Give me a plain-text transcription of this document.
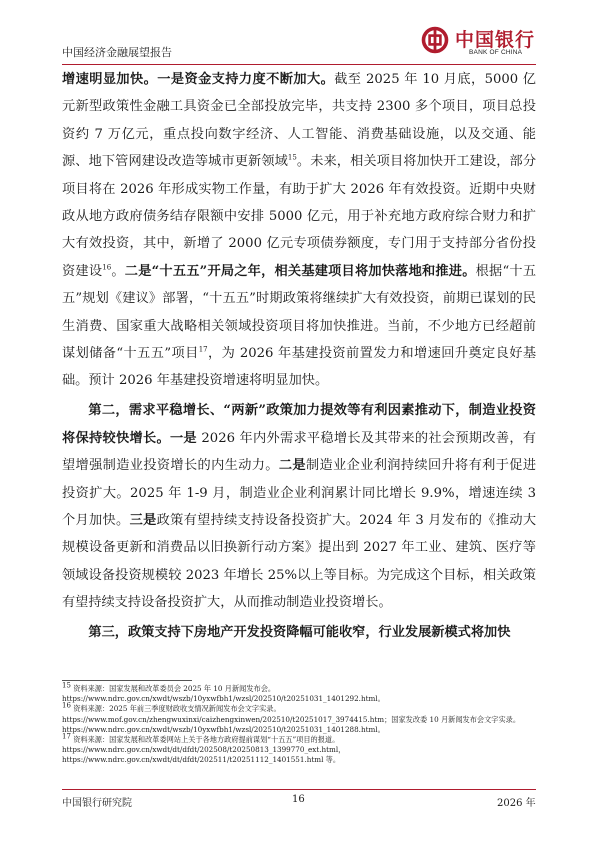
中国经济金融展望报告
中国银行
BANK OF CHINA

增速明显加快。一是资金支持力度不断加大。截至 2025 年 10 月底，5000 亿元新型政策性金融工具资金已全部投放完毕，共支持 2300 多个项目，项目总投资约 7 万亿元，重点投向数字经济、人工智能、消费基础设施，以及交通、能源、地下管网建设改造等城市更新领域$^{15}$。未来，相关项目将加快开工建设，部分项目将在 2026 年形成实物工作量，有助于扩大 2026 年有效投资。近期中央财政从地方政府债务结存限额中安排 5000 亿元，用于补充地方政府综合财力和扩大有效投资，其中，新增了 2000 亿元专项债券额度，专门用于支持部分省份投资建设$^{16}$。二是“十五五”开局之年，相关基建项目将加快落地和推进。根据“十五五”规划《建议》部署，“十五五”时期政策将继续扩大有效投资，前期已谋划的民生消费、国家重大战略相关领域投资项目将加快推进。当前，不少地方已经超前谋划储备“十五五”项目$^{17}$，为 2026 年基建投资前置发力和增速回升奠定良好基础。预计 2026 年基建投资增速将明显加快。

第二，需求平稳增长、“两新”政策加力提效等有利因素推动下，制造业投资将保持较快增长。一是 2026 年内外需求平稳增长及其带来的社会预期改善，有望增强制造业投资增长的内生动力。二是制造业企业利润持续回升将有利于促进投资扩大。2025 年 1-9 月，制造业企业利润累计同比增长 9.9%，增速连续 3 个月加快。三是政策有望持续支持设备投资扩大。2024 年 3 月发布的《推动大规模设备更新和消费品以旧换新行动方案》提出到 2027 年工业、建筑、医疗等领域设备投资规模较 2023 年增长 25%以上等目标。为完成这个目标，相关政策有望持续支持设备投资扩大，从而推动制造业投资增长。

第三，政策支持下房地产开发投资降幅可能收窄，行业发展新模式将加快

$^{15}$ 资料来源：国家发展和改革委员会 2025 年 10 月新闻发布会。
https://www.ndrc.gov.cn/xwdt/wszb/10yxwfbh1/wzsl/202510/t20251031_1401292.html。
$^{16}$ 资料来源：2025 年前三季度财政收支情况新闻发布会文字实录。
https://www.mof.gov.cn/zhengwuxinxi/caizhengxinwen/202510/t20251017_3974415.htm；国家发改委 10 月新闻发布会文字实录。
https://www.ndrc.gov.cn/xwdt/wszb/10yxwfbh1/wzsl/202510/t20251031_1401288.html。
$^{17}$ 资料来源：国家发展和改革委网站上关于各地方政府提前谋划“十五五”项目的报道。
https://www.ndrc.gov.cn/xwdt/dt/dfdt/202508/t20250813_1399770_ext.html，
https://www.ndrc.gov.cn/xwdt/dt/dfdt/202511/t20251112_1401551.html 等。
中国银行研究院	16	2026 年
